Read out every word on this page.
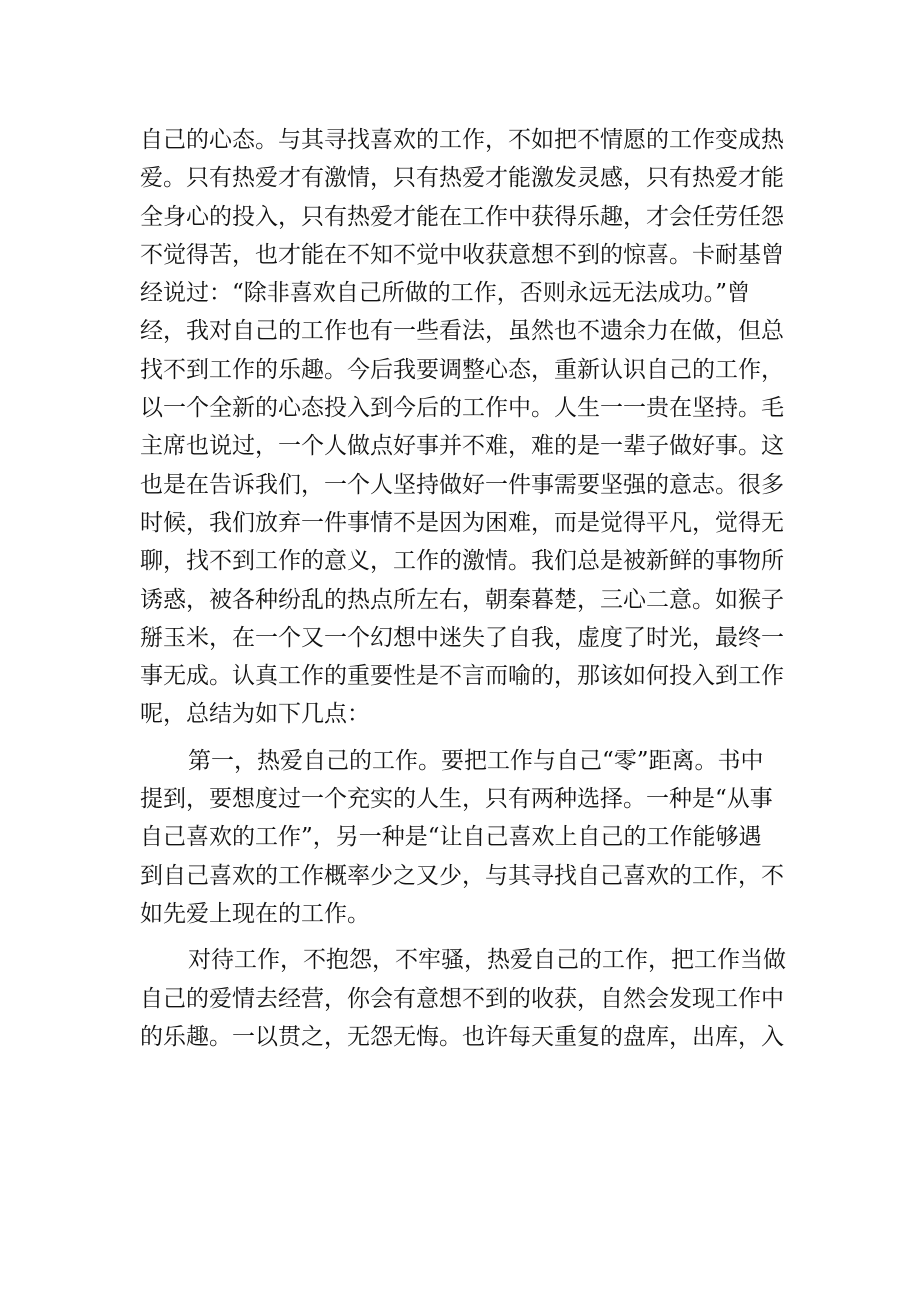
自己的心态。与其寻找喜欢的工作，不如把不情愿的工作变成热
爱。只有热爱才有激情，只有热爱才能激发灵感，只有热爱才能
全身心的投入，只有热爱才能在工作中获得乐趣，才会任劳任怨
不觉得苦，也才能在不知不觉中收获意想不到的惊喜。卡耐基曾
经说过：“除非喜欢自己所做的工作，否则永远无法成功。”曾
经，我对自己的工作也有一些看法，虽然也不遗余力在做，但总
找不到工作的乐趣。今后我要调整心态，重新认识自己的工作，
以一个全新的心态投入到今后的工作中。人生一一贵在坚持。毛
主席也说过，一个人做点好事并不难，难的是一辈子做好事。这
也是在告诉我们，一个人坚持做好一件事需要坚强的意志。很多
时候，我们放弃一件事情不是因为困难，而是觉得平凡，觉得无
聊，找不到工作的意义，工作的激情。我们总是被新鲜的事物所
诱惑，被各种纷乱的热点所左右，朝秦暮楚，三心二意。如猴子
掰玉米，在一个又一个幻想中迷失了自我，虚度了时光，最终一
事无成。认真工作的重要性是不言而喻的，那该如何投入到工作
呢，总结为如下几点：
第一，热爱自己的工作。要把工作与自己“零”距离。书中
提到，要想度过一个充实的人生，只有两种选择。一种是“从事
自己喜欢的工作”，另一种是“让自己喜欢上自己的工作能够遇
到自己喜欢的工作概率少之又少，与其寻找自己喜欢的工作，不
如先爱上现在的工作。
对待工作，不抱怨，不牢骚，热爱自己的工作，把工作当做
自己的爱情去经营，你会有意想不到的收获，自然会发现工作中
的乐趣。一以贯之，无怨无悔。也许每天重复的盘库，出库，入
